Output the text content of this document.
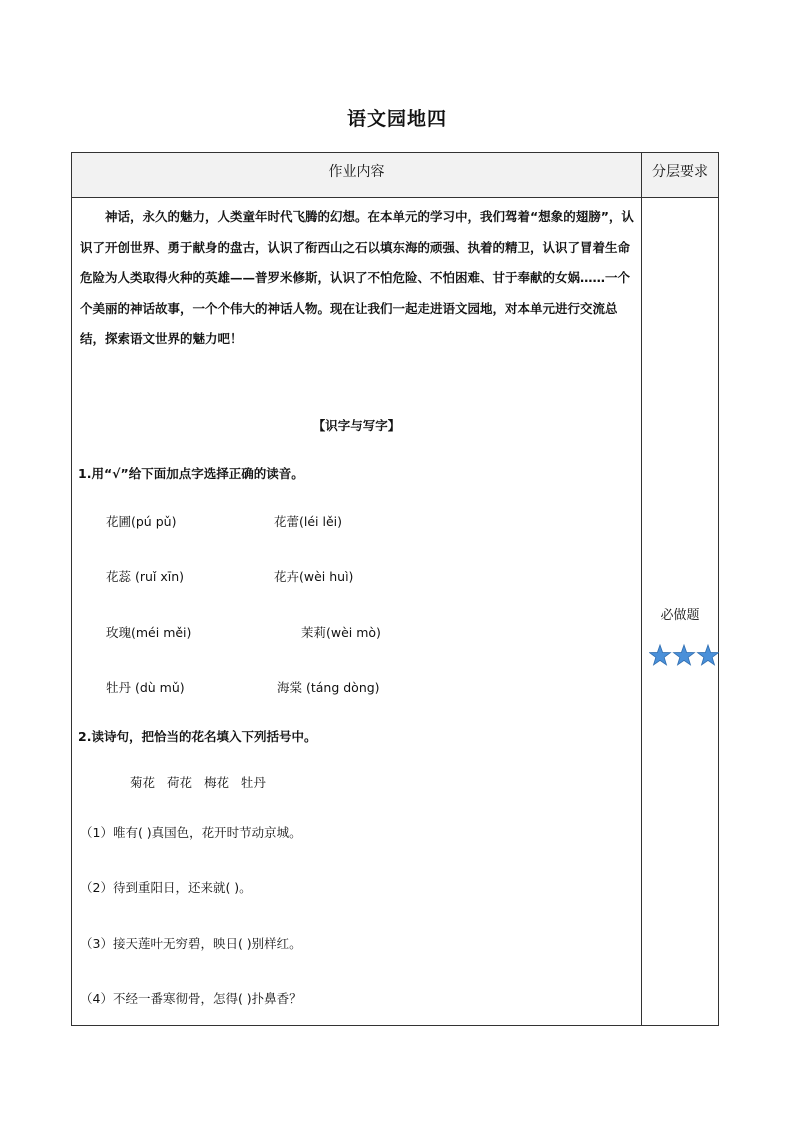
语文园地四
作业内容	分层要求
神话，永久的魅力，人类童年时代飞腾的幻想。在本单元的学习中，我们驾着“想象的翅膀”，认识了开创世界、勇于献身的盘古，认识了衔西山之石以填东海的顽强、执着的精卫，认识了冒着生命危险为人类取得火种的英雄——普罗米修斯，认识了不怕危险、不怕困难、甘于奉献的女娲……一个个美丽的神话故事，一个个伟大的神话人物。现在让我们一起走进语文园地，对本单元进行交流总结，探索语文世界的魅力吧！
【识字与写字】
1.用“√”给下面加点字选择正确的读音。
花圃(pú pǔ)	花蕾(léi lěi)
花蕊 (ruǐ xīn)	花卉(wèi huì)
玫瑰(méi měi)	茉莉(wèi mò)
牡丹 (dù mǔ)	海棠 (táng dòng)
2.读诗句，把恰当的花名填入下列括号中。
菊花 荷花 梅花 牡丹
（1）唯有( )真国色，花开时节动京城。
（2）待到重阳日，还来就( )。
（3）接天莲叶无穷碧，映日( )别样红。
（4）不经一番寒彻骨，怎得( )扑鼻香？
必做题
